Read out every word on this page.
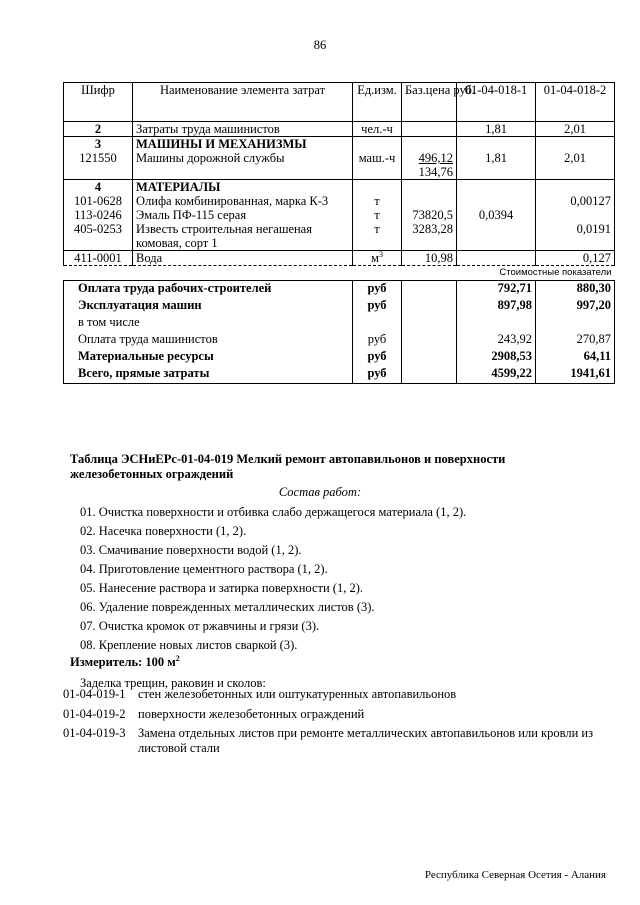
86
Шифр	Наименование элемента затрат	Ед.изм.	Баз.цена руб.	01-04-018-1	01-04-018-2
2	Затраты труда машинистов	чел.-ч		1,81	2,01
3	МАШИНЫ И МЕХАНИЗМЫ				
121550	Машины дорожной службы	маш.-ч	496,12	1,81	2,01
			134,76		
4	МАТЕРИАЛЫ				
101-0628	Олифа комбинированная, марка К-3	т			0,00127
113-0246	Эмаль ПФ-115 серая	т	73820,5	0,0394	
405-0253	Известь строительная негашеная	т	3283,28		0,0191
	комовая, сорт 1				
411-0001	Вода	$м^3$	10,98		0,127
Стоимостные показатели					
Оплата труда рабочих-строителей		руб		792,71	880,30
Эксплуатация машин		руб		897,98	997,20
в том числе					
Оплата труда машинистов		руб		243,92	270,87
Материальные ресурсы		руб		2908,53	64,11
Всего, прямые затраты		руб		4599,22	1941,61
Таблица ЭСНиЕРс-01-04-019 Мелкий ремонт автопавильонов и поверхности
железобетонных ограждений
Состав работ:
01. Очистка поверхности и отбивка слабо держащегося материала (1, 2).
02. Насечка поверхности (1, 2).
03. Смачивание поверхности водой (1, 2).
04. Приготовление цементного раствора (1, 2).
05. Нанесение раствора и затирка поверхности (1, 2).
06. Удаление поврежденных металлических листов (3).
07. Очистка кромок от ржавчины и грязи (3).
08. Крепление новых листов сваркой (3).
Измеритель: 100 $м^2$
Заделка трещин, раковин и сколов:
01-04-019-1 стен железобетонных или оштукатуренных автопавильонов
01-04-019-2 поверхности железобетонных ограждений
01-04-019-3 Замена отдельных листов при ремонте металлических автопавильонов или кровли из листовой стали
Республика Северная Осетия - Алания
